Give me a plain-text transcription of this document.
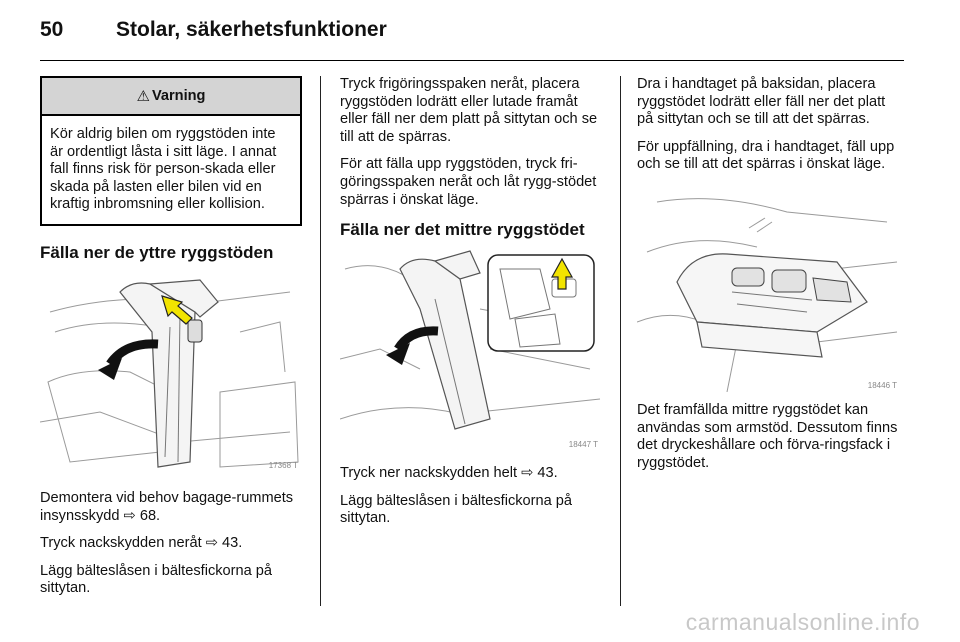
50	Stolar, säkerhetsfunktioner
⚠ Varning

Kör aldrig bilen om ryggstöden inte är ordentligt låsta i sitt läge. I annat fall finns risk för person-skada eller skada på lasten eller bilen vid en kraftig inbromsning eller kollision.

Fälla ner de yttre ryggstöden
17368 T
Demontera vid behov bagage-rummets insynsskydd ⇨ 68.
Tryck nackskydden neråt ⇨ 43.
Lägg bälteslåsen i bältesfickorna på sittytan.
Tryck frigöringsspaken neråt, placera ryggstöden lodrätt eller lutade framåt eller fäll ner dem platt på sittytan och se till att de spärras.
För att fälla upp ryggstöden, tryck fri-göringsspaken neråt och låt rygg-stödet spärras i önskat läge.
Fälla ner det mittre ryggstödet
18447 T
Tryck ner nackskydden helt ⇨ 43.
Lägg bälteslåsen i bältesfickorna på sittytan.
Dra i handtaget på baksidan, placera ryggstödet lodrätt eller fäll ner det platt på sittytan och se till att det spärras.
För uppfällning, dra i handtaget, fäll upp och se till att det spärras i önskat läge.
18446 T
Det framfällda mittre ryggstödet kan användas som armstöd. Dessutom finns det dryckeshållare och förva-ringsfack i ryggstödet.
carmanualsonline.info
